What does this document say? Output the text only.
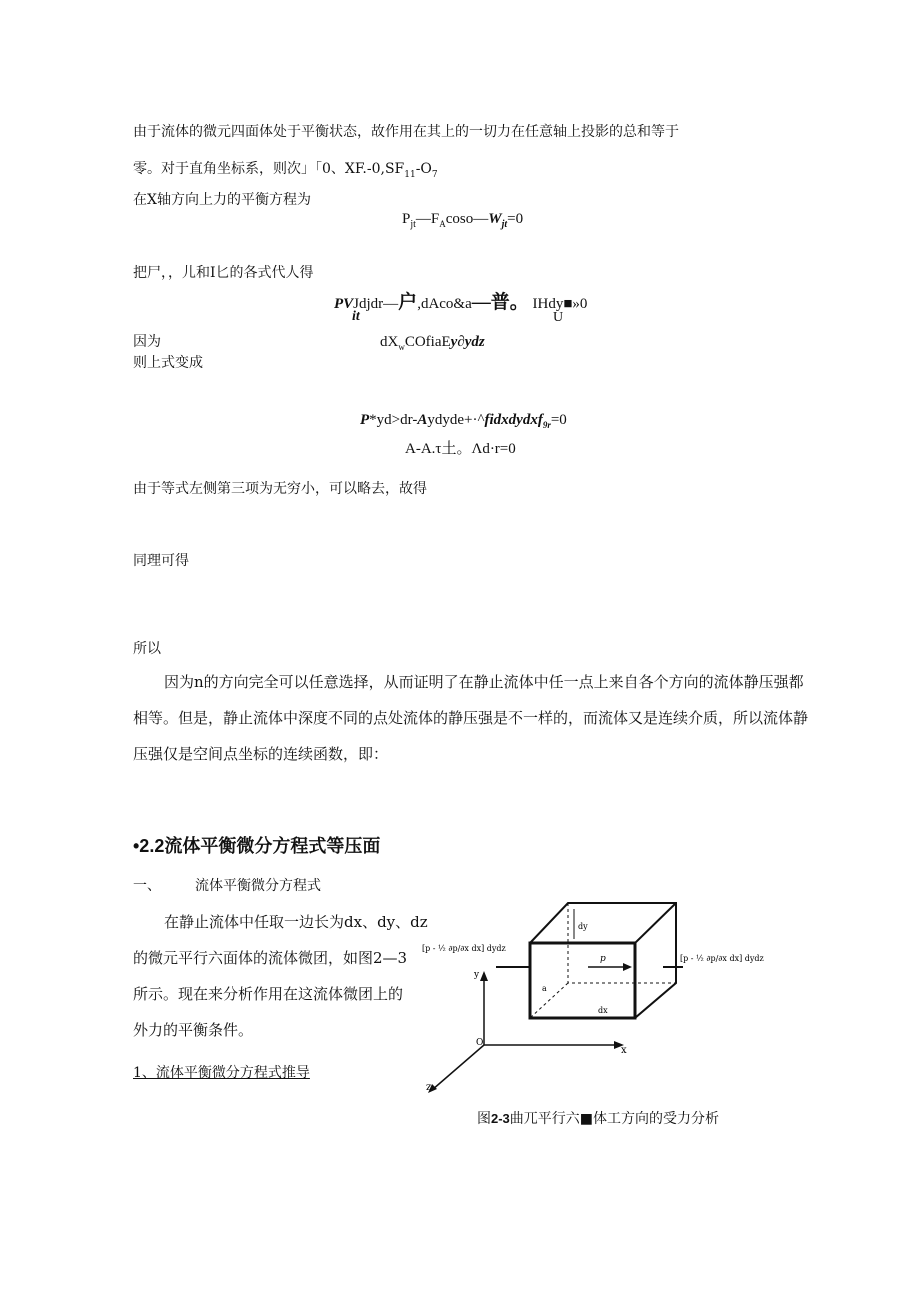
由于流体的微元四面体处于平衡状态，故作用在其上的一切力在任意轴上投影的总和等于
零。对于直角坐标系，则次」「0、$XF.-0,SF_{11}-O_7$
在X轴方向上力的平衡方程为
$P_{jt}—F_A\cos o—W_{jt}=0$
把尸，，儿和I匕的各式代人得
PVJdjdr—户,dAco&a—普。 IHdy■»0
it	U
因为	$dX_wCOfiaEy\partial ydz$
则上式变成
P*yd>dr-Aydyde+·^fidxdydxf$_{9r}$=0
A-A.τ土。Λd·r=0
由于等式左侧第三项为无穷小，可以略去，故得
同理可得
所以
因为n的方向完全可以任意选择，从而证明了在静止流体中任一点上来自各个方向的流体静压强都
相等。但是，静止流体中深度不同的点处流体的静压强是不一样的，而流体又是连续介质，所以流体静
压强仅是空间点坐标的连续函数，即：
•2.2流体平衡微分方程式等压面
一、 流体平衡微分方程式
在静止流体中任取一边长为dx、dy、dz
的微元平行六面体的流体微团，如图2—3
所示。现在来分析作用在这流体微团上的
外力的平衡条件。
1、流体平衡微分方程式推导
[p - ½ ∂p/∂x dx] dydz
[p - ½ ∂p/∂x dx] dydz
dy
dx
p
a
y
x
z
O
图2-3曲兀平行六■体工方向的受力分析
